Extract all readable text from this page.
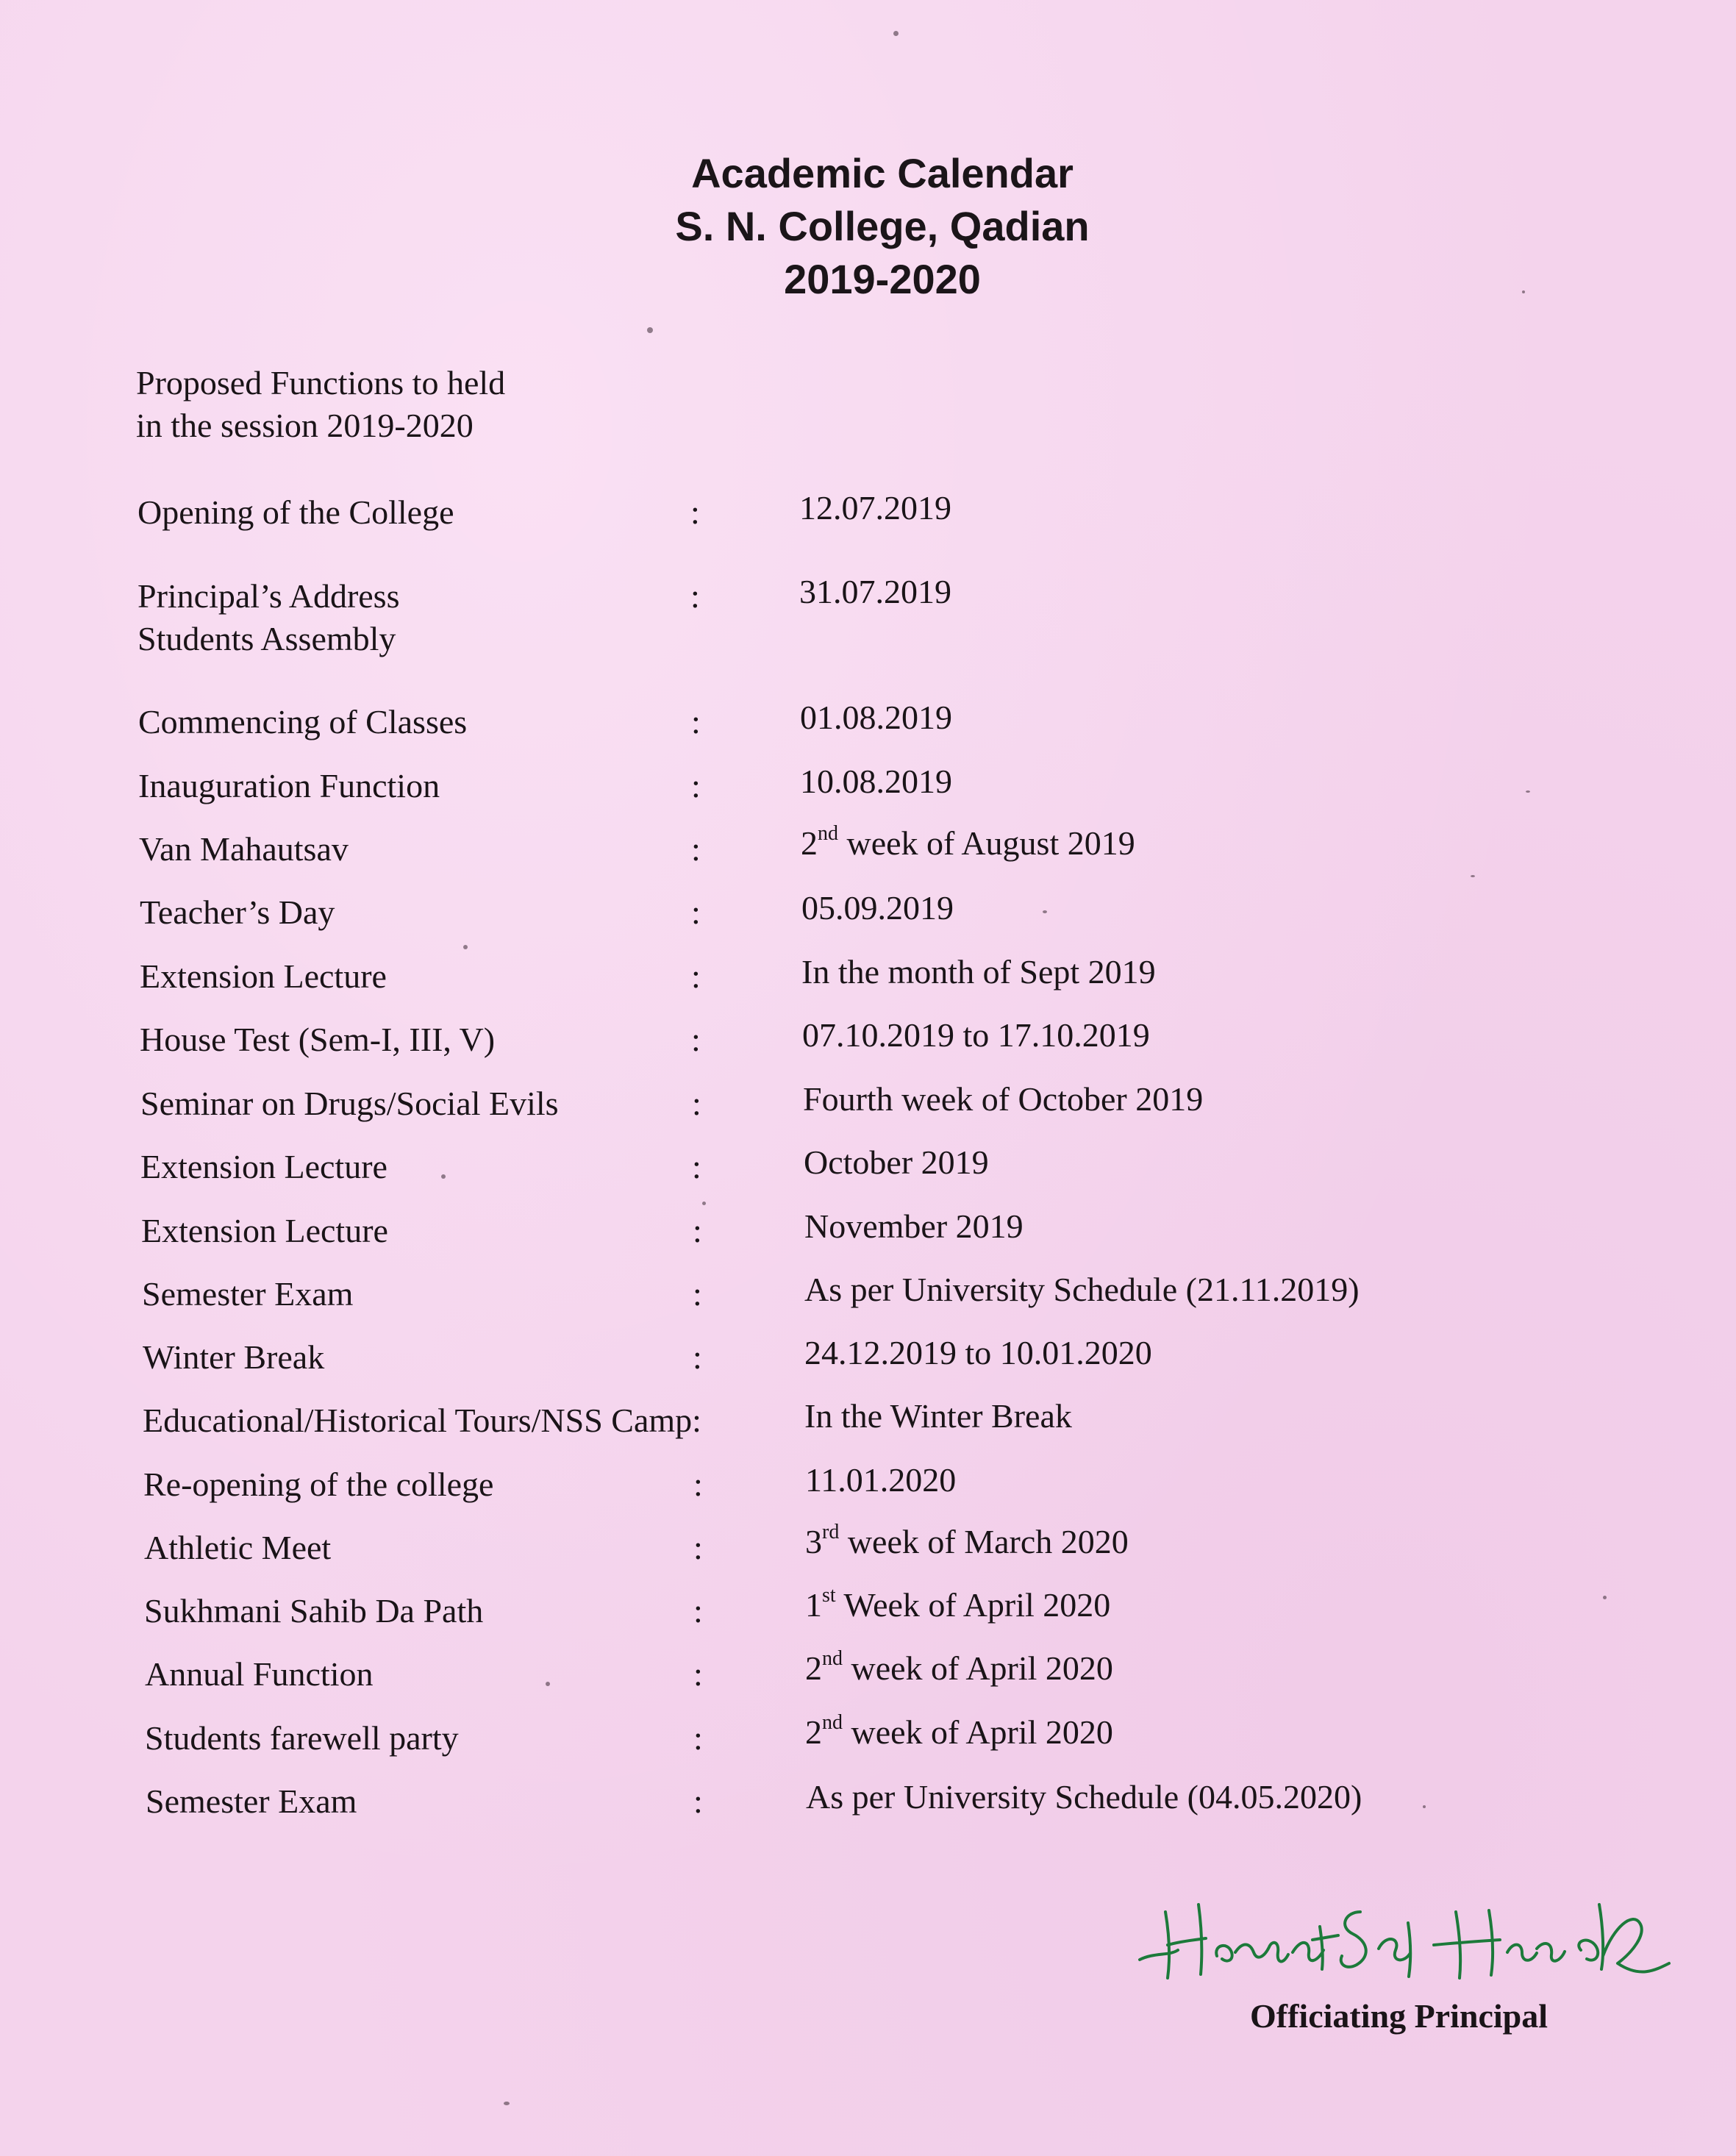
Academic Calendar
S. N. College, Qadian
2019-2020
Proposed Functions to held
in the session 2019-2020
Opening of the College	:	12.07.2019
Principal’s Address
Students Assembly
:	31.07.2019
Commencing of Classes	:	01.08.2019
Inauguration Function	:	10.08.2019
Van Mahautsav	:	2nd week of August 2019
Teacher’s Day	:	05.09.2019
Extension Lecture	:	In the month of Sept 2019
House Test (Sem-I, III, V)	:	07.10.2019 to 17.10.2019
Seminar on Drugs/Social Evils	:	Fourth week of October 2019
Extension Lecture	:	October 2019
Extension Lecture	:	November 2019
Semester Exam	:	As per University Schedule (21.11.2019)
Winter Break	:	24.12.2019 to 10.01.2020
Educational/Historical Tours/NSS Camp:	In the Winter Break
Re-opening of the college	:	11.01.2020
Athletic Meet	:	3rd week of March 2020
Sukhmani Sahib Da Path	:	1st Week of April 2020
Annual Function	:	2nd week of April 2020
Students farewell party	:	2nd week of April 2020
Semester Exam	:	As per University Schedule (04.05.2020)
Officiating Principal
